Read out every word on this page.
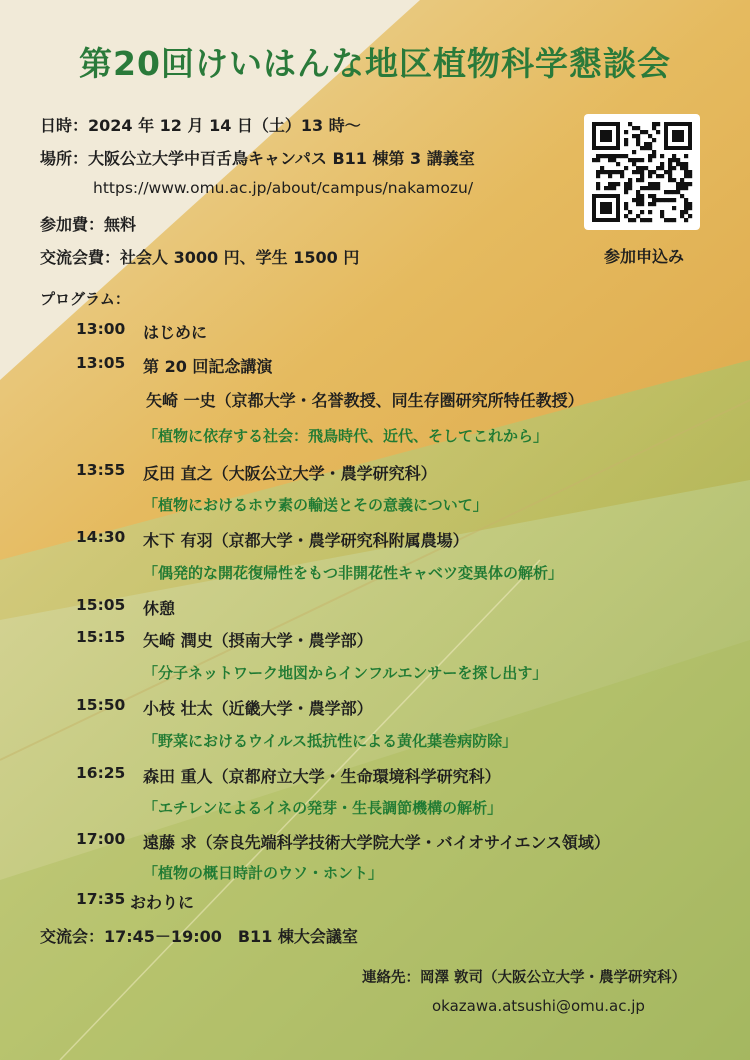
第20回けいはんな地区植物科学懇談会
日時：2024 年 12 月 14 日（土）13 時～
場所：大阪公立大学中百舌鳥キャンパス B11 棟第 3 講義室
https://www.omu.ac.jp/about/campus/nakamozu/
参加費：無料
交流会費：社会人 3000 円、学生 1500 円	参加申込み
プログラム：
13:00 はじめに
13:05 第 20 回記念講演
矢崎 一史（京都大学・名誉教授、同生存圏研究所特任教授）
「植物に依存する社会：飛鳥時代、近代、そしてこれから」
13:55 反田 直之（大阪公立大学・農学研究科）
「植物におけるホウ素の輸送とその意義について」
14:30 木下 有羽（京都大学・農学研究科附属農場）
「偶発的な開花復帰性をもつ非開花性キャベツ変異体の解析」
15:05 休憩
15:15 矢崎 潤史（摂南大学・農学部）
「分子ネットワーク地図からインフルエンサーを探し出す」
15:50 小枝 壮太（近畿大学・農学部）
「野菜におけるウイルス抵抗性による黄化葉巻病防除」
16:25 森田 重人（京都府立大学・生命環境科学研究科）
「エチレンによるイネの発芽・生長調節機構の解析」
17:00 遠藤 求（奈良先端科学技術大学院大学・バイオサイエンス領域）
「植物の概日時計のウソ・ホント」
17:35 おわりに
交流会：17:45－19:00　B11 棟大会議室
連絡先：岡澤 敦司（大阪公立大学・農学研究科）
okazawa.atsushi@omu.ac.jp
